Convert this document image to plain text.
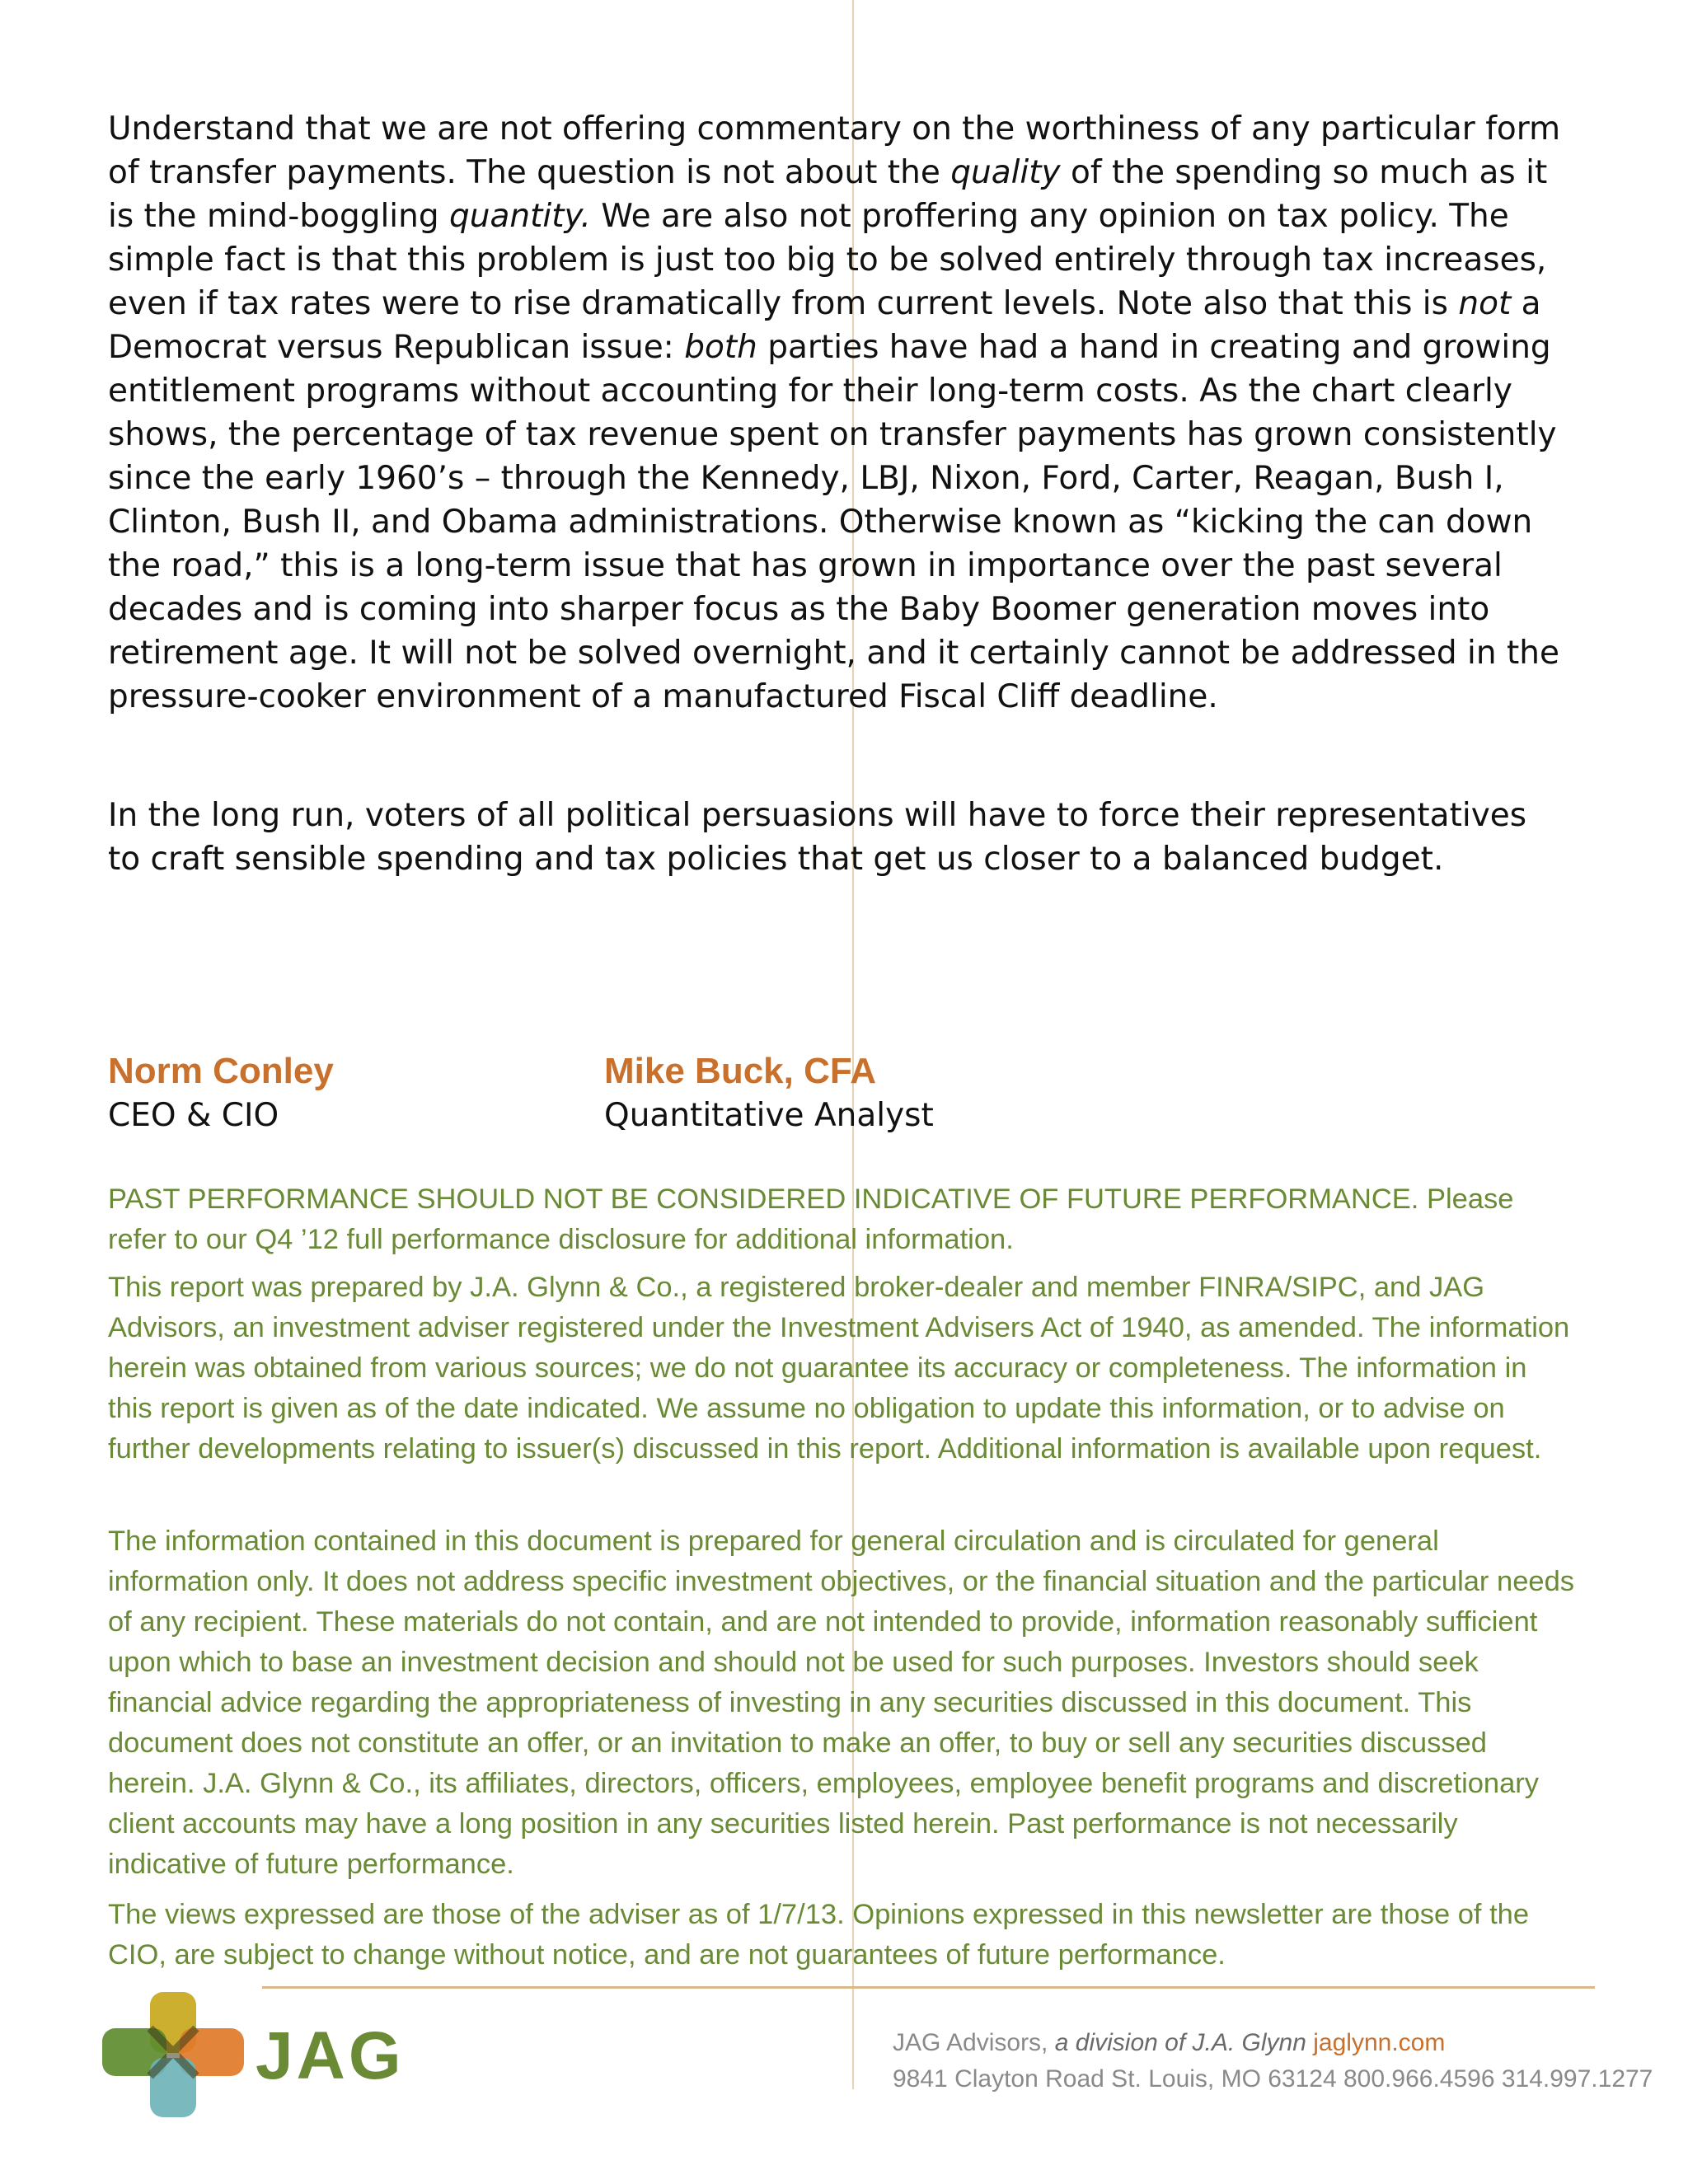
Understand that we are not offering commentary on the worthiness of any particular form of transfer payments. The question is not about the quality of the spending so much as it is the mind-boggling quantity. We are also not proffering any opinion on tax policy. The simple fact is that this problem is just too big to be solved entirely through tax increases, even if tax rates were to rise dramatically from current levels. Note also that this is not a Democrat versus Republican issue: both parties have had a hand in creating and growing entitlement programs without accounting for their long-term costs. As the chart clearly shows, the percentage of tax revenue spent on transfer payments has grown consistently since the early 1960’s – through the Kennedy, LBJ, Nixon, Ford, Carter, Reagan, Bush I, Clinton, Bush II, and Obama administrations. Otherwise known as “kicking the can down the road,” this is a long-term issue that has grown in importance over the past several decades and is coming into sharper focus as the Baby Boomer generation moves into retirement age. It will not be solved overnight, and it certainly cannot be addressed in the pressure-cooker environment of a manufactured Fiscal Cliff deadline.

In the long run, voters of all political persuasions will have to force their representatives to craft sensible spending and tax policies that get us closer to a balanced budget.

Norm Conley
CEO & CIO
Mike Buck, CFA
Quantitative Analyst
PAST PERFORMANCE SHOULD NOT BE CONSIDERED INDICATIVE OF FUTURE PERFORMANCE. Please refer to our Q4 ’12 full performance disclosure for additional information.
This report was prepared by J.A. Glynn & Co., a registered broker-dealer and member FINRA/SIPC, and JAG Advisors, an investment adviser registered under the Investment Advisers Act of 1940, as amended. The information herein was obtained from various sources; we do not guarantee its accuracy or completeness. The information in this report is given as of the date indicated. We assume no obligation to update this information, or to advise on further developments relating to issuer(s) discussed in this report. Additional information is available upon request.
The information contained in this document is prepared for general circulation and is circulated for general information only. It does not address specific investment objectives, or the financial situation and the particular needs of any recipient. These materials do not contain, and are not intended to provide, information reasonably sufficient upon which to base an investment decision and should not be used for such purposes. Investors should seek financial advice regarding the appropriateness of investing in any securities discussed in this document. This document does not constitute an offer, or an invitation to make an offer, to buy or sell any securities discussed herein. J.A. Glynn & Co., its affiliates, directors, officers, employees, employee benefit programs and discretionary client accounts may have a long position in any securities listed herein. Past performance is not necessarily indicative of future performance.
The views expressed are those of the adviser as of 1/7/13. Opinions expressed in this newsletter are those of the CIO, are subject to change without notice, and are not guarantees of future performance.
JAG	JAG Advisors, a division of J.A. Glynn jaglynn.com
9841 Clayton Road St. Louis, MO 63124 800.966.4596 314.997.1277
